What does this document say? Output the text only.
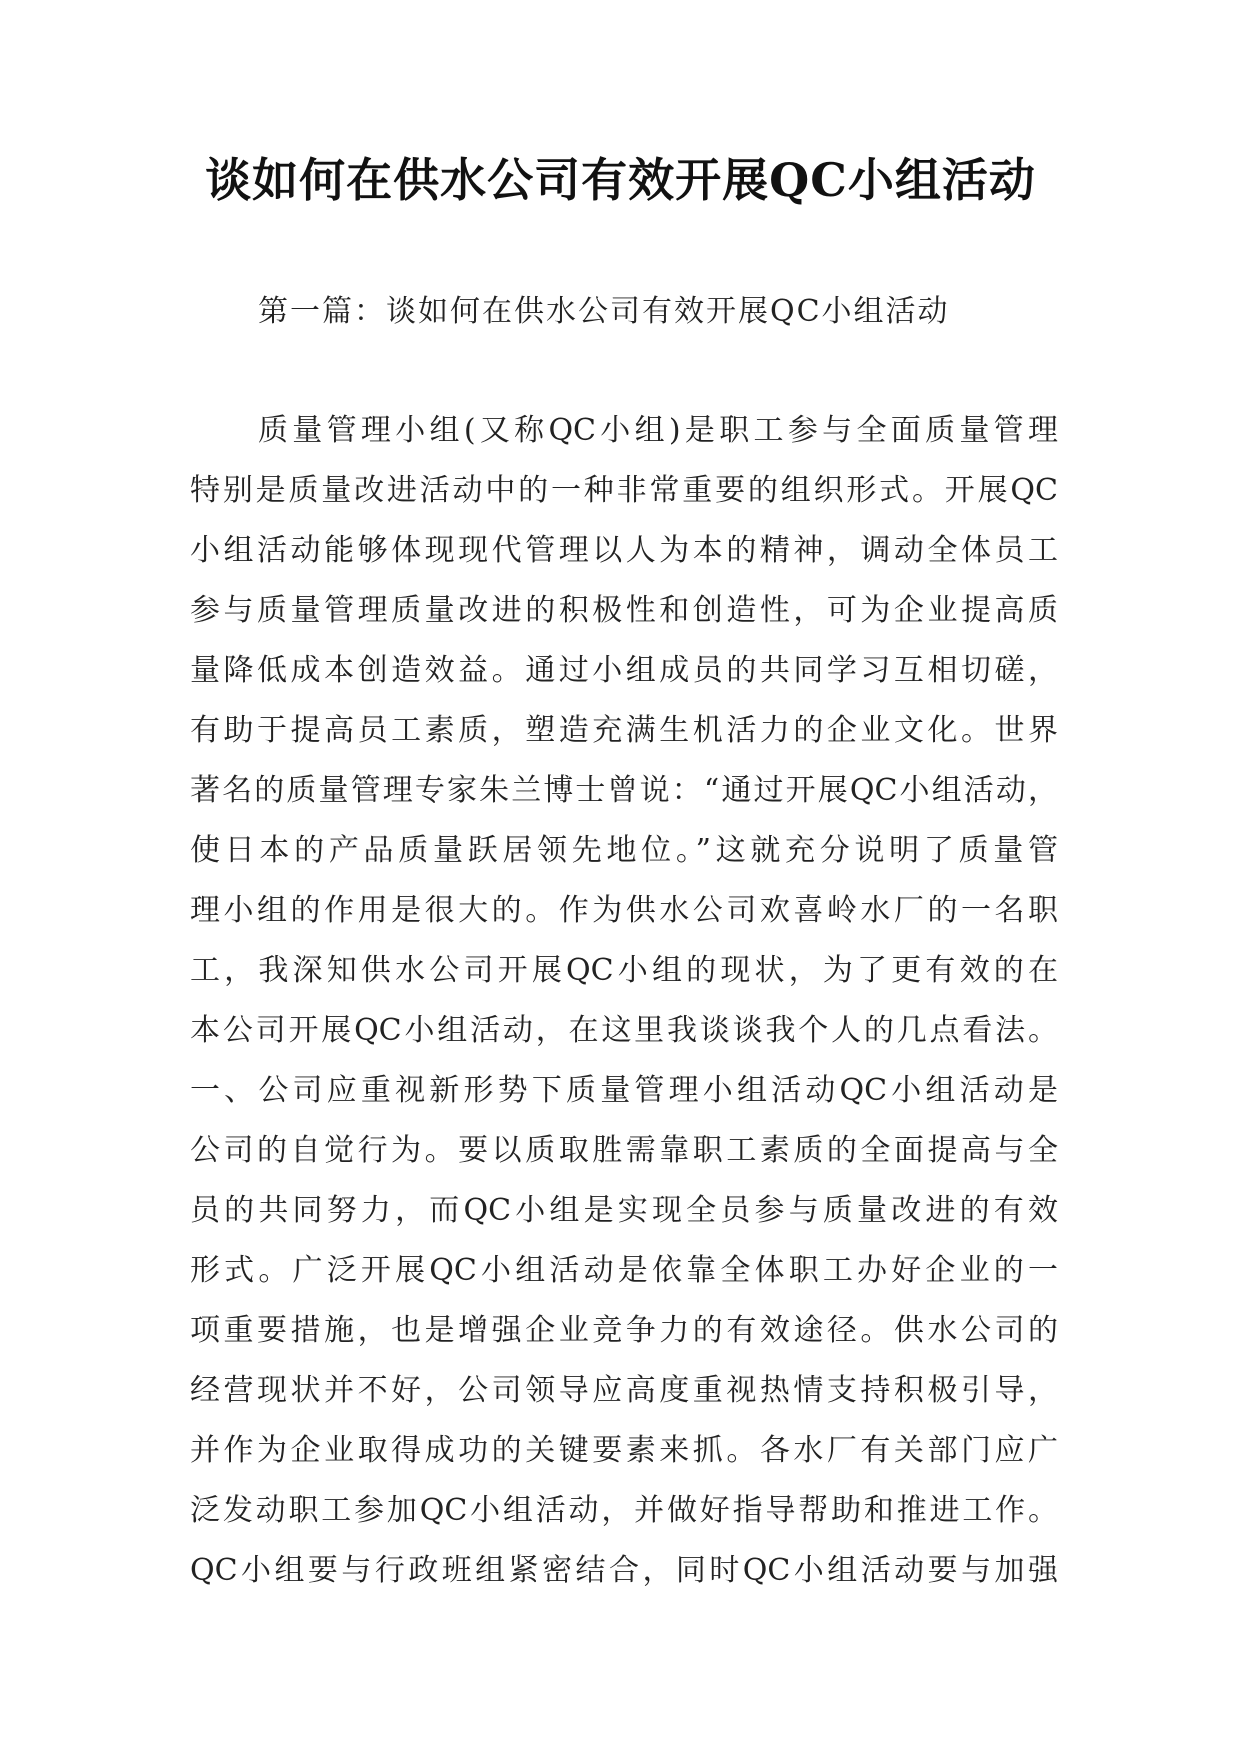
谈如何在供水公司有效开展QC小组活动

第一篇：谈如何在供水公司有效开展QC小组活动

质量管理小组(又称QC小组)是职工参与全面质量管理
特别是质量改进活动中的一种非常重要的组织形式。开展QC
小组活动能够体现现代管理以人为本的精神，调动全体员工
参与质量管理质量改进的积极性和创造性，可为企业提高质
量降低成本创造效益。通过小组成员的共同学习互相切磋，
有助于提高员工素质，塑造充满生机活力的企业文化。世界
著名的质量管理专家朱兰博士曾说：“通过开展QC小组活动，
使日本的产品质量跃居领先地位。”这就充分说明了质量管
理小组的作用是很大的。作为供水公司欢喜岭水厂的一名职
工，我深知供水公司开展QC小组的现状，为了更有效的在
本公司开展QC小组活动，在这里我谈谈我个人的几点看法。
一、公司应重视新形势下质量管理小组活动QC小组活动是
公司的自觉行为。要以质取胜需靠职工素质的全面提高与全
员的共同努力，而QC小组是实现全员参与质量改进的有效
形式。广泛开展QC小组活动是依靠全体职工办好企业的一
项重要措施，也是增强企业竞争力的有效途径。供水公司的
经营现状并不好，公司领导应高度重视热情支持积极引导，
并作为企业取得成功的关键要素来抓。各水厂有关部门应广
泛发动职工参加QC小组活动，并做好指导帮助和推进工作。
QC小组要与行政班组紧密结合，同时QC小组活动要与加强
